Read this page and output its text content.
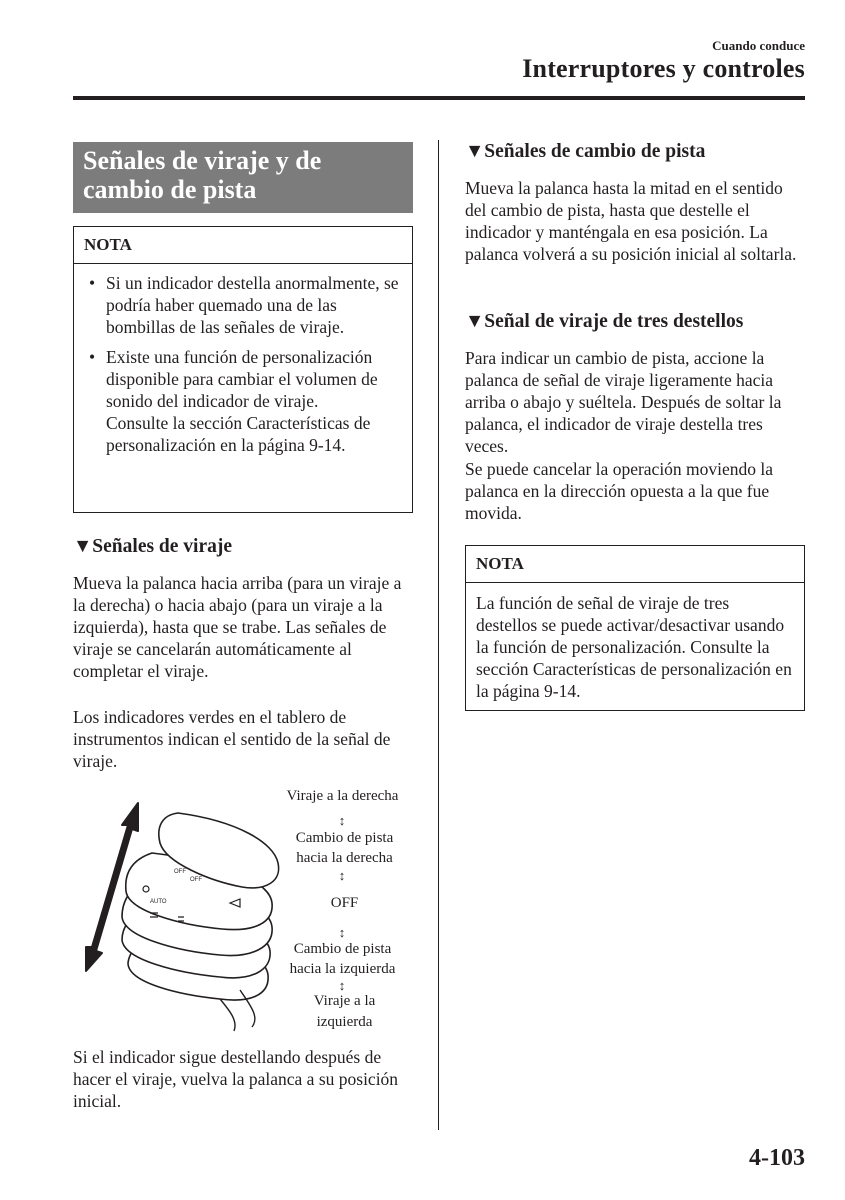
Cuando conduce
Interruptores y controles
Señales de viraje y de cambio de pista
NOTA
• Si un indicador destella anormalmente, se podría haber quemado una de las bombillas de las señales de viraje.

• Existe una función de personalización disponible para cambiar el volumen de sonido del indicador de viraje.

Consulte la sección Características de personalización en la página 9-14.

▼Señales de viraje

Mueva la palanca hacia arriba (para un viraje a la derecha) o hacia abajo (para un viraje a la izquierda), hasta que se trabe. Las señales de viraje se cancelarán automáticamente al completar el viraje.

Los indicadores verdes en el tablero de instrumentos indican el sentido de la señal de viraje.

OFF
OFF
AUTO
Viraje a la derecha
↕
Cambio de pista
hacia la derecha
↕
OFF
↕
Cambio de pista
hacia la izquierda
↕
Viraje a la
izquierda

Si el indicador sigue destellando después de hacer el viraje, vuelva la palanca a su posición inicial.

▼Señales de cambio de pista

Mueva la palanca hasta la mitad en el sentido del cambio de pista, hasta que destelle el indicador y manténgala en esa posición. La palanca volverá a su posición inicial al soltarla.

▼Señal de viraje de tres destellos

Para indicar un cambio de pista, accione la palanca de señal de viraje ligeramente hacia arriba o abajo y suéltela. Después de soltar la palanca, el indicador de viraje destella tres veces.

Se puede cancelar la operación moviendo la palanca en la dirección opuesta a la que fue movida.

NOTA

La función de señal de viraje de tres destellos se puede activar/desactivar usando la función de personalización. Consulte la sección Características de personalización en la página 9-14.

4-103
